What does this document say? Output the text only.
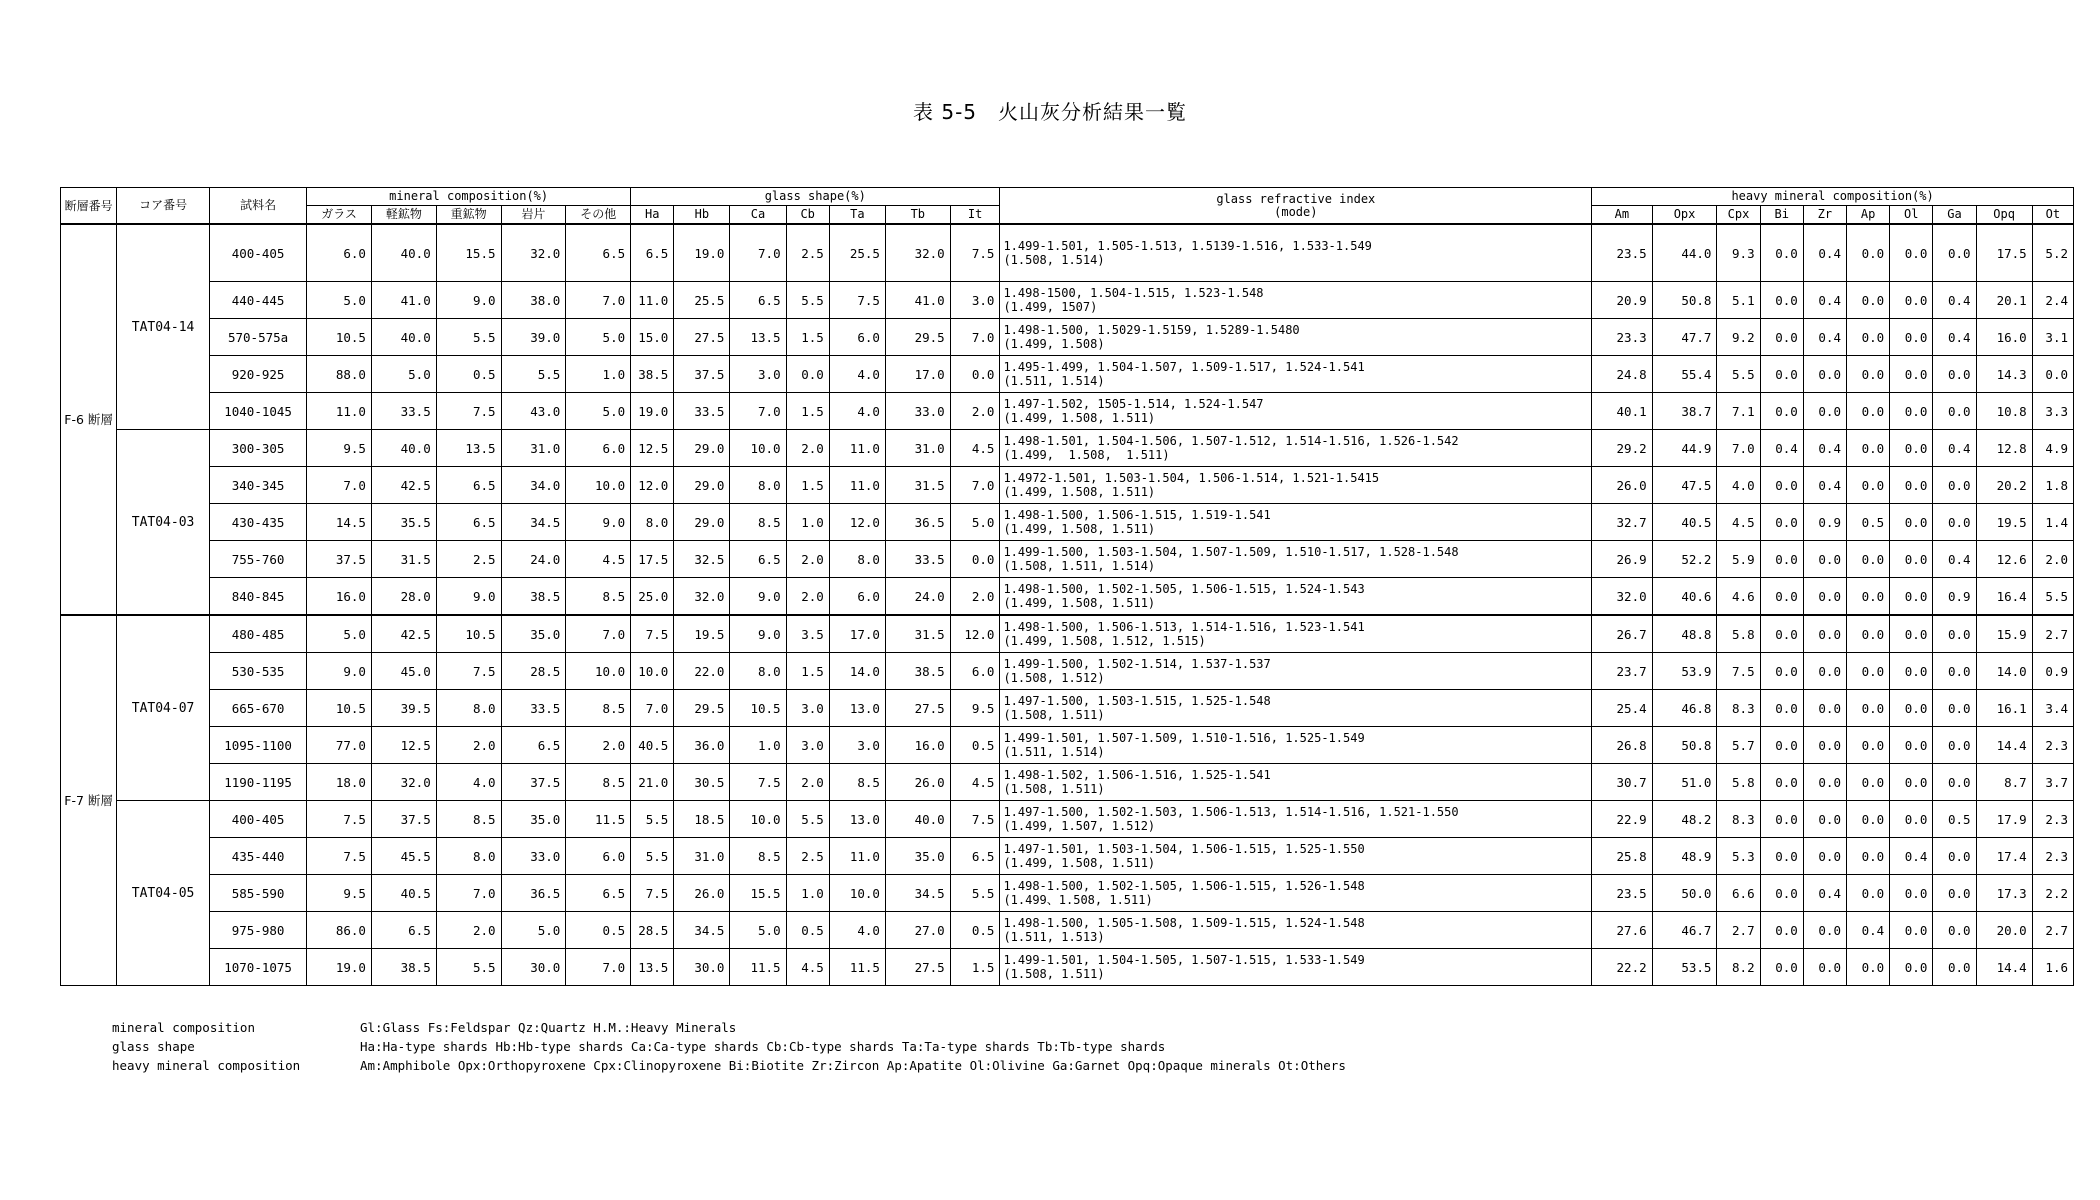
表 5-5　火山灰分析結果一覧
断層番号	コア番号	試料名	mineral composition(%)					glass shape(%)							glass refractive index
(mode)	heavy mineral composition(%)									
			ガラス	軽鉱物	重鉱物	岩片	その他	Ha	Hb	Ca	Cb	Ta	Tb	It		Am	Opx	Cpx	Bi	Zr	Ap	Ol	Ga	Opq	Ot
F-6 断層	TAT04-14	400-405	6.0	40.0	15.5	32.0	6.5	6.5	19.0	7.0	2.5	25.5	32.0	7.5	1.499-1.501, 1.505-1.513, 1.5139-1.516, 1.533-1.549
(1.508, 1.514)	23.5	44.0	9.3	0.0	0.4	0.0	0.0	0.0	17.5	5.2
		440-445	5.0	41.0	9.0	38.0	7.0	11.0	25.5	6.5	5.5	7.5	41.0	3.0	1.498-1500, 1.504-1.515, 1.523-1.548
(1.499, 1507)	20.9	50.8	5.1	0.0	0.4	0.0	0.0	0.4	20.1	2.4
		570-575a	10.5	40.0	5.5	39.0	5.0	15.0	27.5	13.5	1.5	6.0	29.5	7.0	1.498-1.500, 1.5029-1.5159, 1.5289-1.5480
(1.499, 1.508)	23.3	47.7	9.2	0.0	0.4	0.0	0.0	0.4	16.0	3.1
		920-925	88.0	5.0	0.5	5.5	1.0	38.5	37.5	3.0	0.0	4.0	17.0	0.0	1.495-1.499, 1.504-1.507, 1.509-1.517, 1.524-1.541
(1.511, 1.514)	24.8	55.4	5.5	0.0	0.0	0.0	0.0	0.0	14.3	0.0
		1040-1045	11.0	33.5	7.5	43.0	5.0	19.0	33.5	7.0	1.5	4.0	33.0	2.0	1.497-1.502, 1505-1.514, 1.524-1.547
(1.499, 1.508, 1.511)	40.1	38.7	7.1	0.0	0.0	0.0	0.0	0.0	10.8	3.3
	TAT04-03	300-305	9.5	40.0	13.5	31.0	6.0	12.5	29.0	10.0	2.0	11.0	31.0	4.5	1.498-1.501, 1.504-1.506, 1.507-1.512, 1.514-1.516, 1.526-1.542
(1.499,  1.508,  1.511)	29.2	44.9	7.0	0.4	0.4	0.0	0.0	0.4	12.8	4.9
		340-345	7.0	42.5	6.5	34.0	10.0	12.0	29.0	8.0	1.5	11.0	31.5	7.0	1.4972-1.501, 1.503-1.504, 1.506-1.514, 1.521-1.5415
(1.499, 1.508, 1.511)	26.0	47.5	4.0	0.0	0.4	0.0	0.0	0.0	20.2	1.8
		430-435	14.5	35.5	6.5	34.5	9.0	8.0	29.0	8.5	1.0	12.0	36.5	5.0	1.498-1.500, 1.506-1.515, 1.519-1.541
(1.499, 1.508, 1.511)	32.7	40.5	4.5	0.0	0.9	0.5	0.0	0.0	19.5	1.4
		755-760	37.5	31.5	2.5	24.0	4.5	17.5	32.5	6.5	2.0	8.0	33.5	0.0	1.499-1.500, 1.503-1.504, 1.507-1.509, 1.510-1.517, 1.528-1.548
(1.508, 1.511, 1.514)	26.9	52.2	5.9	0.0	0.0	0.0	0.0	0.4	12.6	2.0
		840-845	16.0	28.0	9.0	38.5	8.5	25.0	32.0	9.0	2.0	6.0	24.0	2.0	1.498-1.500, 1.502-1.505, 1.506-1.515, 1.524-1.543
(1.499, 1.508, 1.511)	32.0	40.6	4.6	0.0	0.0	0.0	0.0	0.9	16.4	5.5
F-7 断層	TAT04-07	480-485	5.0	42.5	10.5	35.0	7.0	7.5	19.5	9.0	3.5	17.0	31.5	12.0	1.498-1.500, 1.506-1.513, 1.514-1.516, 1.523-1.541
(1.499, 1.508, 1.512, 1.515)	26.7	48.8	5.8	0.0	0.0	0.0	0.0	0.0	15.9	2.7
		530-535	9.0	45.0	7.5	28.5	10.0	10.0	22.0	8.0	1.5	14.0	38.5	6.0	1.499-1.500, 1.502-1.514, 1.537-1.537
(1.508, 1.512)	23.7	53.9	7.5	0.0	0.0	0.0	0.0	0.0	14.0	0.9
		665-670	10.5	39.5	8.0	33.5	8.5	7.0	29.5	10.5	3.0	13.0	27.5	9.5	1.497-1.500, 1.503-1.515, 1.525-1.548
(1.508, 1.511)	25.4	46.8	8.3	0.0	0.0	0.0	0.0	0.0	16.1	3.4
		1095-1100	77.0	12.5	2.0	6.5	2.0	40.5	36.0	1.0	3.0	3.0	16.0	0.5	1.499-1.501, 1.507-1.509, 1.510-1.516, 1.525-1.549
(1.511, 1.514)	26.8	50.8	5.7	0.0	0.0	0.0	0.0	0.0	14.4	2.3
		1190-1195	18.0	32.0	4.0	37.5	8.5	21.0	30.5	7.5	2.0	8.5	26.0	4.5	1.498-1.502, 1.506-1.516, 1.525-1.541
(1.508, 1.511)	30.7	51.0	5.8	0.0	0.0	0.0	0.0	0.0	8.7	3.7
	TAT04-05	400-405	7.5	37.5	8.5	35.0	11.5	5.5	18.5	10.0	5.5	13.0	40.0	7.5	1.497-1.500, 1.502-1.503, 1.506-1.513, 1.514-1.516, 1.521-1.550
(1.499, 1.507, 1.512)	22.9	48.2	8.3	0.0	0.0	0.0	0.0	0.5	17.9	2.3
		435-440	7.5	45.5	8.0	33.0	6.0	5.5	31.0	8.5	2.5	11.0	35.0	6.5	1.497-1.501, 1.503-1.504, 1.506-1.515, 1.525-1.550
(1.499, 1.508, 1.511)	25.8	48.9	5.3	0.0	0.0	0.0	0.4	0.0	17.4	2.3
		585-590	9.5	40.5	7.0	36.5	6.5	7.5	26.0	15.5	1.0	10.0	34.5	5.5	1.498-1.500, 1.502-1.505, 1.506-1.515, 1.526-1.548
(1.499、1.508, 1.511)	23.5	50.0	6.6	0.0	0.4	0.0	0.0	0.0	17.3	2.2
		975-980	86.0	6.5	2.0	5.0	0.5	28.5	34.5	5.0	0.5	4.0	27.0	0.5	1.498-1.500, 1.505-1.508, 1.509-1.515, 1.524-1.548
(1.511, 1.513)	27.6	46.7	2.7	0.0	0.0	0.4	0.0	0.0	20.0	2.7
		1070-1075	19.0	38.5	5.5	30.0	7.0	13.5	30.0	11.5	4.5	11.5	27.5	1.5	1.499-1.501, 1.504-1.505, 1.507-1.515, 1.533-1.549
(1.508, 1.511)	22.2	53.5	8.2	0.0	0.0	0.0	0.0	0.0	14.4	1.6
mineral composition	Gl:Glass Fs:Feldspar Qz:Quartz H.M.:Heavy Minerals
glass shape	Ha:Ha-type shards Hb:Hb-type shards Ca:Ca-type shards Cb:Cb-type shards Ta:Ta-type shards Tb:Tb-type shards
heavy mineral composition	Am:Amphibole Opx:Orthopyroxene Cpx:Clinopyroxene Bi:Biotite Zr:Zircon Ap:Apatite Ol:Olivine Ga:Garnet Opq:Opaque minerals Ot:Others
